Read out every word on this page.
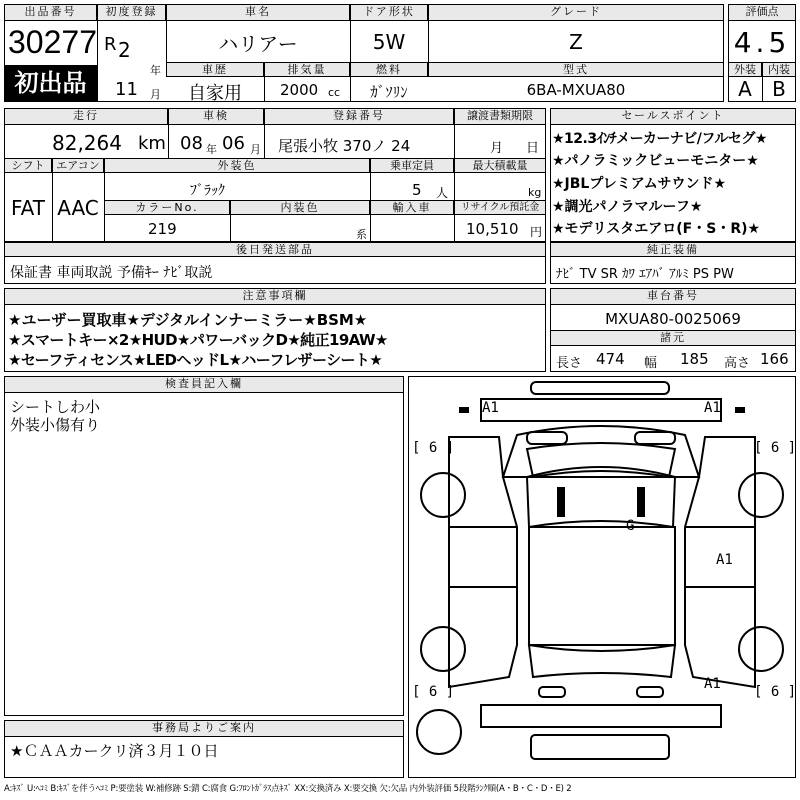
出品番号
30277
初出品
初度登録
R 2
年
11 月
車名
ハリアー
ドア形状
5W
グレード
Z
車歴	排気量	燃料	型式
自家用	2000 cc	ｶﾞｿﾘﾝ	6BA-MXUA80
評価点
4.5
外装	内装
A	B
走行
82,264 km
車検
08 年 06 月
登録番号
尾張小牧 370ノ 24
譲渡書類期限
月 日
シフト	エアコン
FAT AAC
外装色
ﾌﾞﾗｯｸ
乗車定員
5 人
最大積載量
kg
カラーNo.
219
内装色
系
輸入車	リサイクル預託金
10,510 円
セールスポイント
★12.3ｲﾝﾁメーカーナビ/フルセグ★
★パノラミックビューモニター★
★JBLプレミアムサウンド★
★調光パノラマルーフ★
★モデリスタエアロ(F・S・R)★
後日発送部品
保証書 車両取説 予備ｷｰ ﾅﾋﾞ取説
純正装備
ﾅﾋﾞ TV SR ｶﾜ ｴｱﾊﾞ ｱﾙﾐ PS PW
注意事項欄
★ユーザー買取車★デジタルインナーミラー★BSM★
★スマートキー×2★HUD★パワーバックD★純正19AW★
★セーフティセンス★LEDヘッドL★ハーフレザーシート★
車台番号
MXUA80-0025069
諸元
長さ 474 幅 185 高さ 166
検査員記入欄
シートしわ小
外装小傷有り
事務局よりご案内
★ＣＡＡカークリ済３月１０日
A1	A1
[ 6 ]	[ 6 ]
G
A1
[ 6 ]	A1 [ 6 ]
A:ｷｽﾞ U:ﾍｺﾐ B:ｷｽﾞを伴うﾍｺﾐ P:要塗装 W:補修跡 S:錆 C:腐食 G:ﾌﾛﾝﾄｶﾞﾗｽ点ｷｽﾞ XX:交換済み X:要交換 欠:欠品 内外装評価 5段階ﾗﾝｸ順(A・B・C・D・E) 2
